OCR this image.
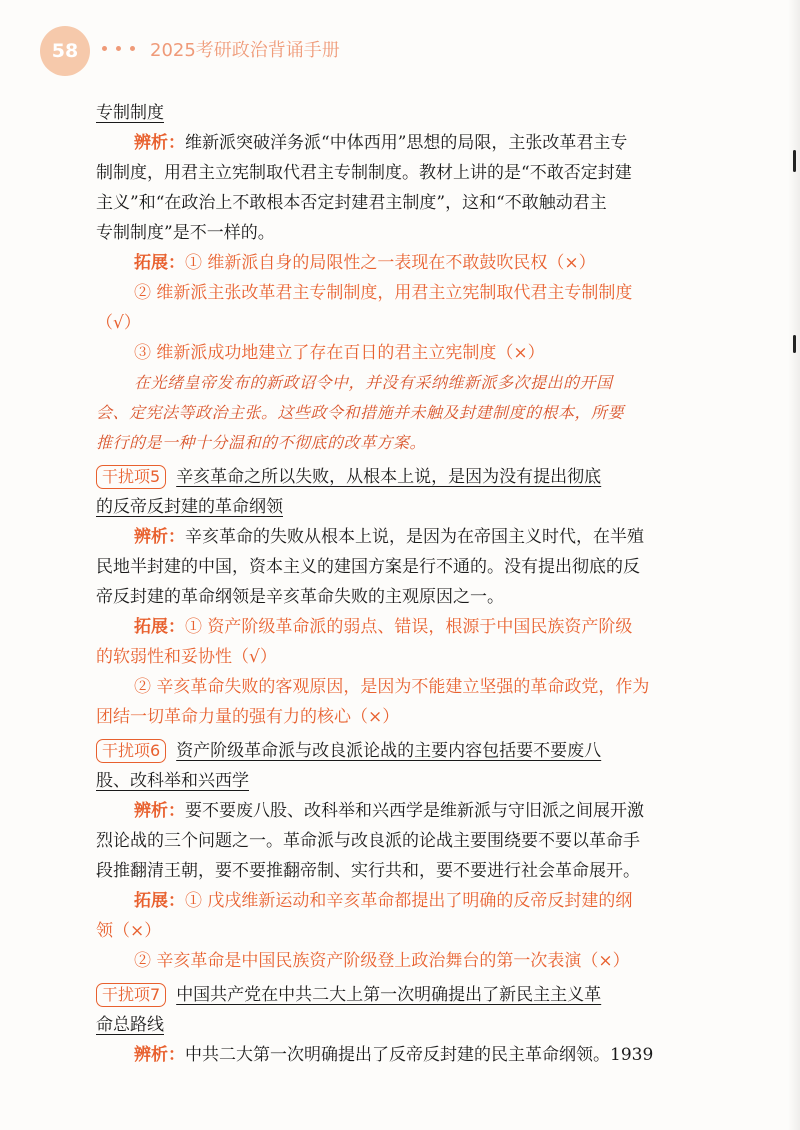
58	2025考研政治背诵手册
专制制度
辨析：维新派突破洋务派“中体西用”思想的局限，主张改革君主专
制制度，用君主立宪制取代君主专制制度。教材上讲的是“不敢否定封建
主义”和“在政治上不敢根本否定封建君主制度”，这和“不敢触动君主
专制制度”是不一样的。
拓展：① 维新派自身的局限性之一表现在不敢鼓吹民权（×）
② 维新派主张改革君主专制制度，用君主立宪制取代君主专制制度
（√）
③ 维新派成功地建立了存在百日的君主立宪制度（×）
在光绪皇帝发布的新政诏令中，并没有采纳维新派多次提出的开国
会、定宪法等政治主张。这些政令和措施并未触及封建制度的根本，所要
推行的是一种十分温和的不彻底的改革方案。
干扰项5 辛亥革命之所以失败，从根本上说，是因为没有提出彻底
的反帝反封建的革命纲领
辨析：辛亥革命的失败从根本上说，是因为在帝国主义时代，在半殖
民地半封建的中国，资本主义的建国方案是行不通的。没有提出彻底的反
帝反封建的革命纲领是辛亥革命失败的主观原因之一。
拓展：① 资产阶级革命派的弱点、错误，根源于中国民族资产阶级
的软弱性和妥协性（√）
② 辛亥革命失败的客观原因，是因为不能建立坚强的革命政党，作为
团结一切革命力量的强有力的核心（×）
干扰项6 资产阶级革命派与改良派论战的主要内容包括要不要废八
股、改科举和兴西学
辨析：要不要废八股、改科举和兴西学是维新派与守旧派之间展开激
烈论战的三个问题之一。革命派与改良派的论战主要围绕要不要以革命手
段推翻清王朝，要不要推翻帝制、实行共和，要不要进行社会革命展开。
拓展：① 戊戌维新运动和辛亥革命都提出了明确的反帝反封建的纲
领（×）
② 辛亥革命是中国民族资产阶级登上政治舞台的第一次表演（×）
干扰项7 中国共产党在中共二大上第一次明确提出了新民主主义革
命总路线
辨析：中共二大第一次明确提出了反帝反封建的民主革命纲领。1939
